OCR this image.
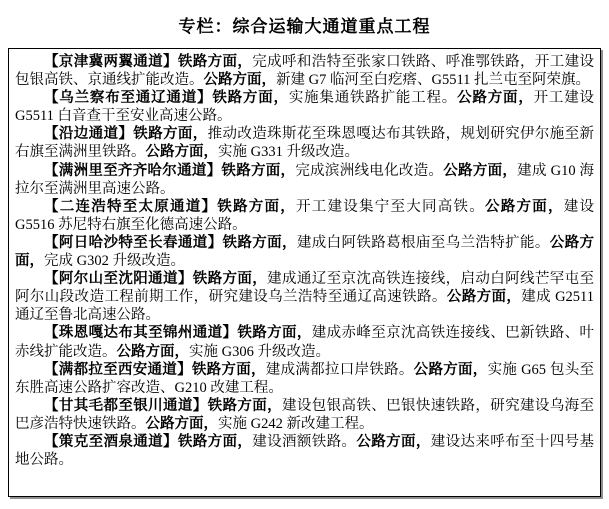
专栏：综合运输大通道重点工程

【京津冀两翼通道】铁路方面，完成呼和浩特至张家口铁路、呼准鄂铁路，开工建设包银高铁、京通线扩能改造。公路方面，新建 G7 临河至白疙瘩、G5511 扎兰屯至阿荣旗。

【乌兰察布至通辽通道】铁路方面，实施集通铁路扩能工程。公路方面，开工建设 G5511 白音查干至安业高速公路。

【沿边通道】铁路方面，推动改造珠斯花至珠恩嘎达布其铁路，规划研究伊尔施至新右旗至满洲里铁路。公路方面，实施 G331 升级改造。

【满洲里至齐齐哈尔通道】铁路方面，完成滨洲线电化改造。公路方面，建成 G10 海拉尔至满洲里高速公路。

【二连浩特至太原通道】铁路方面，开工建设集宁至大同高铁。公路方面，建设 G5516 苏尼特右旗至化德高速公路。

【阿日哈沙特至长春通道】铁路方面，建成白阿铁路葛根庙至乌兰浩特扩能。公路方面，完成 G302 升级改造。

【阿尔山至沈阳通道】铁路方面，建成通辽至京沈高铁连接线，启动白阿线芒罕屯至阿尔山段改造工程前期工作，研究建设乌兰浩特至通辽高速铁路。公路方面，建成 G2511 通辽至鲁北高速公路。

【珠恩嘎达布其至锦州通道】铁路方面，建成赤峰至京沈高铁连接线、巴新铁路、叶赤线扩能改造。公路方面，实施 G306 升级改造。

【满都拉至西安通道】铁路方面，建成满都拉口岸铁路。公路方面，实施 G65 包头至东胜高速公路扩容改造、G210 改建工程。

【甘其毛都至银川通道】铁路方面，建设包银高铁、巴银快速铁路，研究建设乌海至巴彦浩特快速铁路。公路方面，实施 G242 新改建工程。

【策克至酒泉通道】铁路方面，建设酒额铁路。公路方面，建设达来呼布至十四号基地公路。
